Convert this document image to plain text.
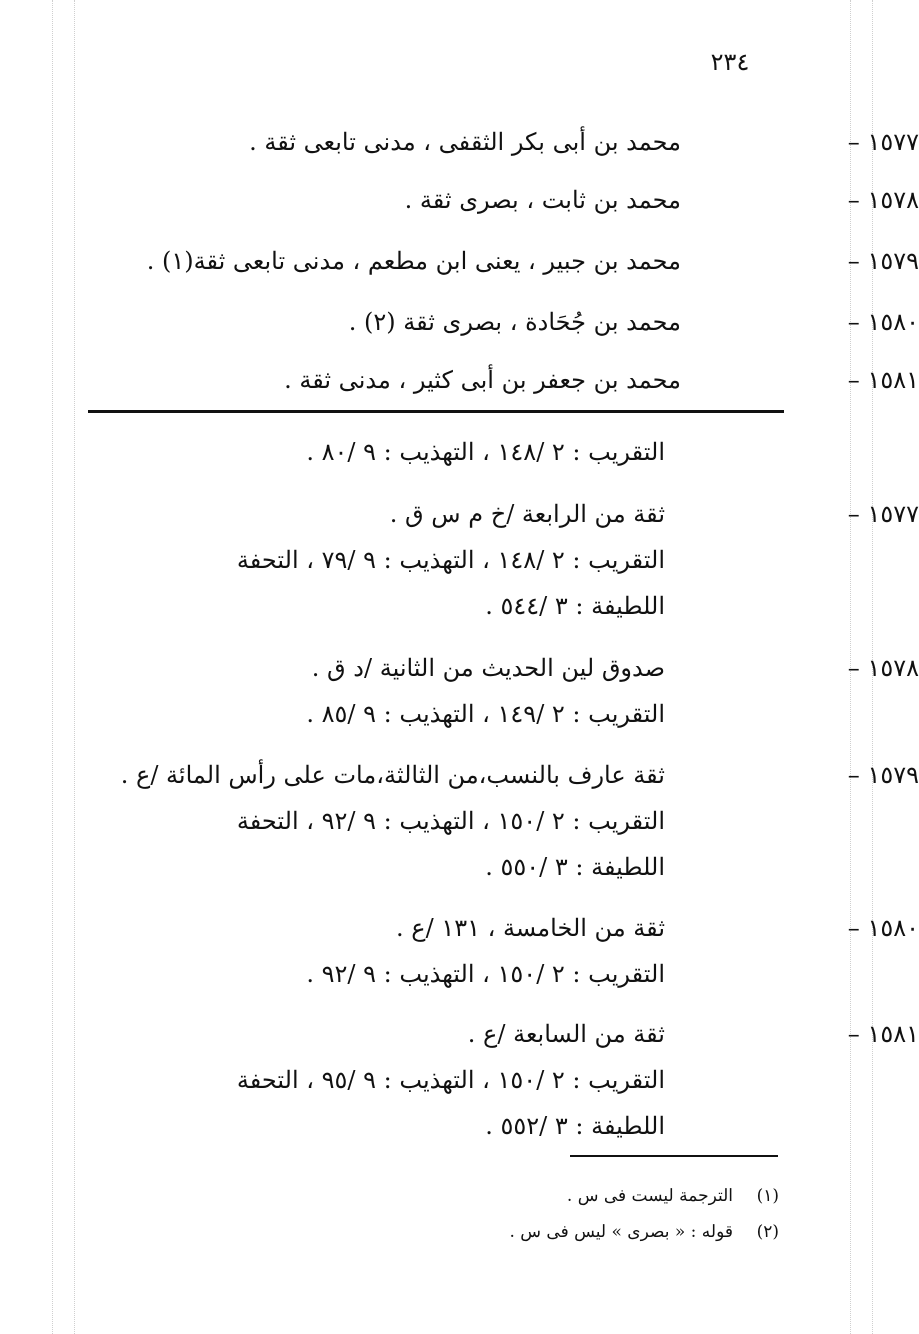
٢٣٤
١٥٧٧ –
محمد بن أبى بكر الثقفى ، مدنى تابعى ثقة .
١٥٧٨ –
محمد بن ثابت ، بصرى ثقة .
١٥٧٩ –
محمد بن جبير ، يعنى ابن مطعم ، مدنى تابعى ثقة(١) .
١٥٨٠ –
محمد بن جُحَادة ، بصرى ثقة (٢) .
١٥٨١ –
محمد بن جعفر بن أبى كثير ، مدنى ثقة .
التقريب : ٢ /١٤٨ ، التهذيب : ٩ /٨٠ .
١٥٧٧ –
ثقة من الرابعة /خ م س ق .
التقريب : ٢ /١٤٨ ، التهذيب : ٩ /٧٩ ، التحفة
اللطيفة : ٣ /٥٤٤ .
١٥٧٨ –
صدوق لين الحديث من الثانية /د ق .
التقريب : ٢ /١٤٩ ، التهذيب : ٩ /٨٥ .
١٥٧٩ –
ثقة عارف بالنسب،من الثالثة،مات على رأس المائة /ع .
التقريب : ٢ /١٥٠ ، التهذيب : ٩ /٩٢ ، التحفة
اللطيفة : ٣ /٥٥٠ .
١٥٨٠ –
ثقة من الخامسة ، ١٣١ /ع .
التقريب : ٢ /١٥٠ ، التهذيب : ٩ /٩٢ .
١٥٨١ –
ثقة من السابعة /ع .
التقريب : ٢ /١٥٠ ، التهذيب : ٩ /٩٥ ، التحفة
اللطيفة : ٣ /٥٥٢ .
(١)
الترجمة ليست فى س .
(٢)
قوله : « بصرى » ليس فى س .
